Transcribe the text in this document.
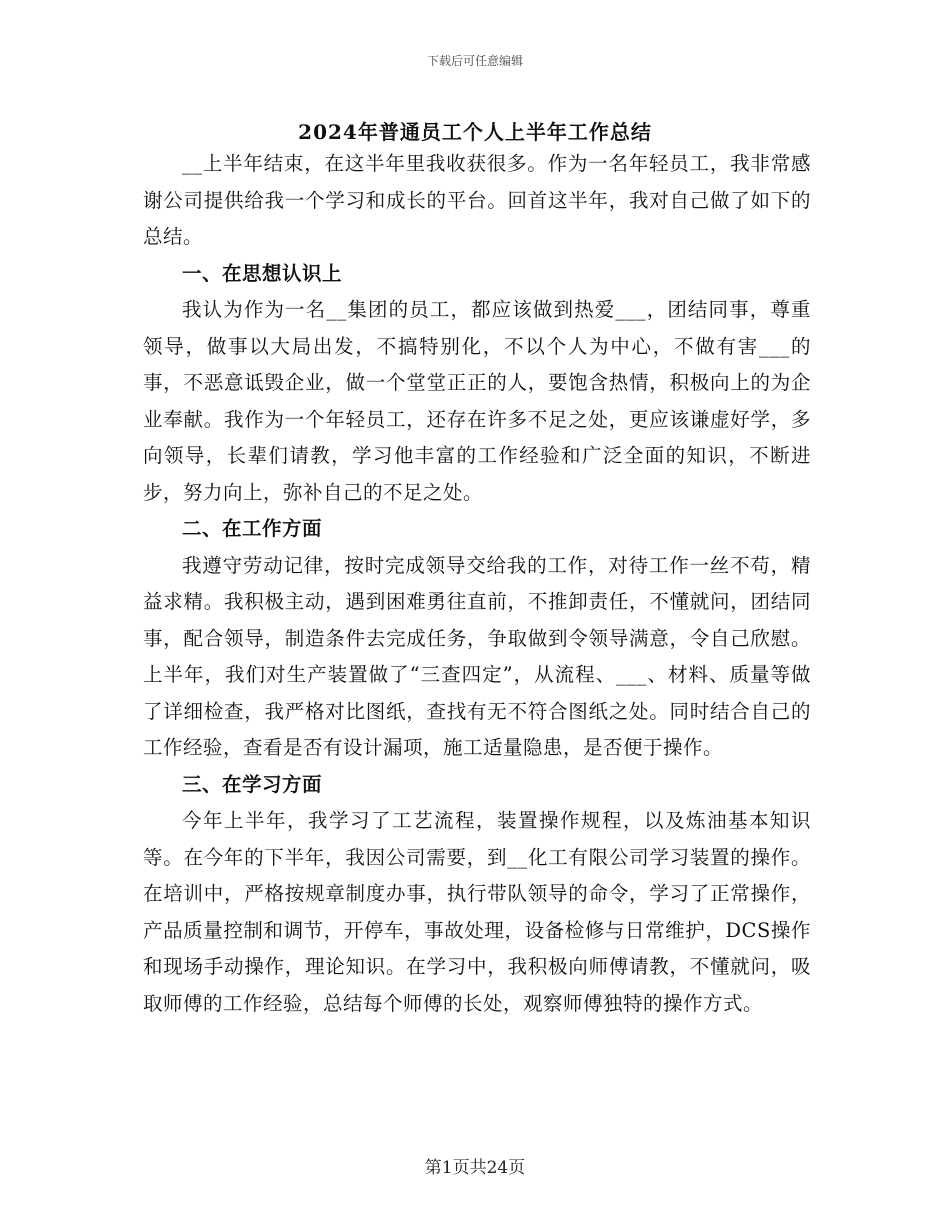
下载后可任意编辑
2024年普通员工个人上半年工作总结

__上半年结束，在这半年里我收获很多。作为一名年轻员工，我非常感谢公司提供给我一个学习和成长的平台。回首这半年，我对自己做了如下的总结。

一、在思想认识上

我认为作为一名__集团的员工，都应该做到热爱___，团结同事，尊重领导，做事以大局出发，不搞特别化，不以个人为中心，不做有害___的事，不恶意诋毁企业，做一个堂堂正正的人，要饱含热情，积极向上的为企业奉献。我作为一个年轻员工，还存在许多不足之处，更应该谦虚好学，多向领导，长辈们请教，学习他丰富的工作经验和广泛全面的知识，不断进步，努力向上，弥补自己的不足之处。

二、在工作方面

我遵守劳动记律，按时完成领导交给我的工作，对待工作一丝不苟，精益求精。我积极主动，遇到困难勇往直前，不推卸责任，不懂就问，团结同事，配合领导，制造条件去完成任务，争取做到令领导满意，令自己欣慰。上半年，我们对生产装置做了“三查四定”，从流程、___、材料、质量等做了详细检查，我严格对比图纸，查找有无不符合图纸之处。同时结合自己的工作经验，查看是否有设计漏项，施工适量隐患，是否便于操作。

三、在学习方面

今年上半年，我学习了工艺流程，装置操作规程，以及炼油基本知识等。在今年的下半年，我因公司需要，到__化工有限公司学习装置的操作。在培训中，严格按规章制度办事，执行带队领导的命令，学习了正常操作，产品质量控制和调节，开停车，事故处理，设备检修与日常维护，DCS操作和现场手动操作，理论知识。在学习中，我积极向师傅请教，不懂就问，吸取师傅的工作经验，总结每个师傅的长处，观察师傅独特的操作方式。

第1页共24页
